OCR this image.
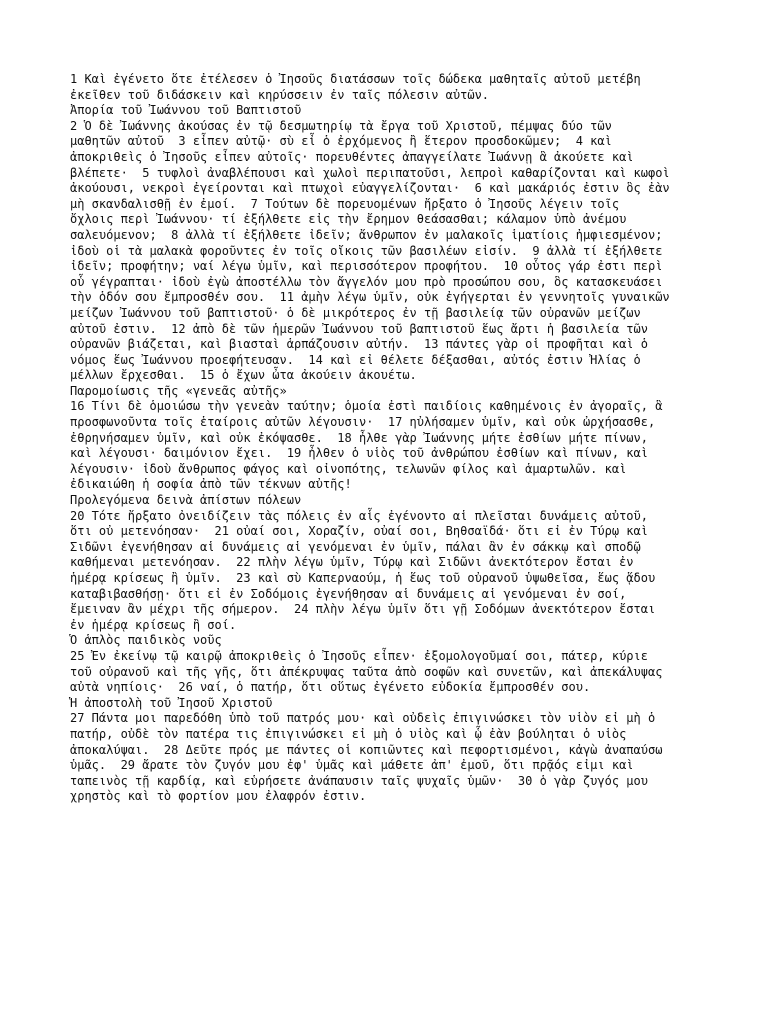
1 Καὶ ἐγένετο ὅτε ἐτέλεσεν ὁ Ἰησοῦς διατάσσων τοῖς δώδεκα μαθηταῖς αὐτοῦ μετέβη
ἐκεῖθεν τοῦ διδάσκειν καὶ κηρύσσειν ἐν ταῖς πόλεσιν αὐτῶν.
Ἀπορία τοῦ Ἰωάννου τοῦ Βαπτιστοῦ
2 Ὁ δὲ Ἰωάννης ἀκούσας ἐν τῷ δεσμωτηρίῳ τὰ ἔργα τοῦ Χριστοῦ, πέμψας δύο τῶν
μαθητῶν αὐτοῦ  3 εἶπεν αὐτῷ· σὺ εἶ ὁ ἐρχόμενος ἢ ἕτερον προσδοκῶμεν;  4 καὶ
ἀποκριθεὶς ὁ Ἰησοῦς εἶπεν αὐτοῖς· πορευθέντες ἀπαγγείλατε Ἰωάννῃ ἃ ἀκούετε καὶ
βλέπετε·  5 τυφλοὶ ἀναβλέπουσι καὶ χωλοὶ περιπατοῦσι, λεπροὶ καθαρίζονται καὶ κωφοὶ
ἀκούουσι, νεκροὶ ἐγείρονται καὶ πτωχοὶ εὐαγγελίζονται·  6 καὶ μακάριός ἐστιν ὃς ἐὰν
μὴ σκανδαλισθῇ ἐν ἐμοί.  7 Τούτων δὲ πορευομένων ἤρξατο ὁ Ἰησοῦς λέγειν τοῖς
ὄχλοις περὶ Ἰωάννου· τί ἐξήλθετε εἰς τὴν ἔρημον θεάσασθαι; κάλαμον ὑπὸ ἀνέμου
σαλευόμενον;  8 ἀλλὰ τί ἐξήλθετε ἰδεῖν; ἄνθρωπον ἐν μαλακοῖς ἱματίοις ἠμφιεσμένον;
ἰδοὺ οἱ τὰ μαλακὰ φοροῦντες ἐν τοῖς οἴκοις τῶν βασιλέων εἰσίν.  9 ἀλλὰ τί ἐξήλθετε
ἰδεῖν; προφήτην; ναί λέγω ὑμῖν, καὶ περισσότερον προφήτου.  10 οὗτος γάρ ἐστι περὶ
οὗ γέγραπται· ἰδοὺ ἐγὼ ἀποστέλλω τὸν ἄγγελόν μου πρὸ προσώπου σου, ὃς κατασκευάσει
τὴν ὁδόν σου ἔμπροσθέν σου.  11 ἀμὴν λέγω ὑμῖν, οὐκ ἐγήγερται ἐν γεννητοῖς γυναικῶν
μείζων Ἰωάννου τοῦ βαπτιστοῦ· ὁ δὲ μικρότερος ἐν τῇ βασιλείᾳ τῶν οὐρανῶν μείζων
αὐτοῦ ἐστιν.  12 ἀπὸ δὲ τῶν ἡμερῶν Ἰωάννου τοῦ βαπτιστοῦ ἕως ἄρτι ἡ βασιλεία τῶν
οὐρανῶν βιάζεται, καὶ βιασταὶ ἁρπάζουσιν αὐτήν.  13 πάντες γὰρ οἱ προφῆται καὶ ὁ
νόμος ἕως Ἰωάννου προεφήτευσαν.  14 καὶ εἰ θέλετε δέξασθαι, αὐτός ἐστιν Ἠλίας ὁ
μέλλων ἔρχεσθαι.  15 ὁ ἔχων ὦτα ἀκούειν ἀκουέτω.
Παρομοίωσις τῆς «γενεᾶς αὐτῆς»
16 Τίνι δὲ ὁμοιώσω τὴν γενεὰν ταύτην; ὁμοία ἐστὶ παιδίοις καθημένοις ἐν ἀγοραῖς, ἃ
προσφωνοῦντα τοῖς ἑταίροις αὐτῶν λέγουσιν·  17 ηὐλήσαμεν ὑμῖν, καὶ οὐκ ὠρχήσασθε,
ἐθρηνήσαμεν ὑμῖν, καὶ οὐκ ἐκόψασθε.  18 ἦλθε γὰρ Ἰωάννης μήτε ἐσθίων μήτε πίνων,
καὶ λέγουσι· δαιμόνιον ἔχει.  19 ἦλθεν ὁ υἱὸς τοῦ ἀνθρώπου ἐσθίων καὶ πίνων, καὶ
λέγουσιν· ἰδοὺ ἄνθρωπος φάγος καὶ οἰνοπότης, τελωνῶν φίλος καὶ ἁμαρτωλῶν. καὶ
ἐδικαιώθη ἡ σοφία ἀπὸ τῶν τέκνων αὐτῆς!
Προλεγόμενα δεινὰ ἀπίστων πόλεων
20 Τότε ἤρξατο ὀνειδίζειν τὰς πόλεις ἐν αἷς ἐγένοντο αἱ πλεῖσται δυνάμεις αὐτοῦ,
ὅτι οὐ μετενόησαν·  21 οὐαί σοι, Χοραζίν, οὐαί σοι, Βηθσαϊδά· ὅτι εἰ ἐν Τύρῳ καὶ
Σιδῶνι ἐγενήθησαν αἱ δυνάμεις αἱ γενόμεναι ἐν ὑμῖν, πάλαι ἂν ἐν σάκκῳ καὶ σποδῷ
καθήμεναι μετενόησαν.  22 πλὴν λέγω ὑμῖν, Τύρῳ καὶ Σιδῶνι ἀνεκτότερον ἔσται ἐν
ἡμέρᾳ κρίσεως ἢ ὑμῖν.  23 καὶ σὺ Καπερναούμ, ἡ ἕως τοῦ οὐρανοῦ ὑψωθεῖσα, ἕως ᾅδου
καταβιβασθήσῃ· ὅτι εἰ ἐν Σοδόμοις ἐγενήθησαν αἱ δυνάμεις αἱ γενόμεναι ἐν σοί,
ἔμειναν ἂν μέχρι τῆς σήμερον.  24 πλὴν λέγω ὑμῖν ὅτι γῇ Σοδόμων ἀνεκτότερον ἔσται
ἐν ἡμέρᾳ κρίσεως ἢ σοί.
Ὁ ἁπλὸς παιδικὸς νοῦς
25 Ἐν ἐκείνῳ τῷ καιρῷ ἀποκριθεὶς ὁ Ἰησοῦς εἶπεν· ἐξομολογοῦμαί σοι, πάτερ, κύριε
τοῦ οὐρανοῦ καὶ τῆς γῆς, ὅτι ἀπέκρυψας ταῦτα ἀπὸ σοφῶν καὶ συνετῶν, καὶ ἀπεκάλυψας
αὐτὰ νηπίοις·  26 ναί, ὁ πατήρ, ὅτι οὕτως ἐγένετο εὐδοκία ἔμπροσθέν σου.
Ἡ ἀποστολὴ τοῦ Ἰησοῦ Χριστοῦ
27 Πάντα μοι παρεδόθη ὑπὸ τοῦ πατρός μου· καὶ οὐδεὶς ἐπιγινώσκει τὸν υἱὸν εἰ μὴ ὁ
πατήρ, οὐδὲ τὸν πατέρα τις ἐπιγινώσκει εἰ μὴ ὁ υἱὸς καὶ ᾧ ἐὰν βούληται ὁ υἱὸς
ἀποκαλύψαι.  28 Δεῦτε πρός με πάντες οἱ κοπιῶντες καὶ πεφορτισμένοι, κἀγὼ ἀναπαύσω
ὑμᾶς.  29 ἄρατε τὸν ζυγόν μου ἐφ' ὑμᾶς καὶ μάθετε ἀπ' ἐμοῦ, ὅτι πρᾷός εἰμι καὶ
ταπεινὸς τῇ καρδίᾳ, καὶ εὑρήσετε ἀνάπαυσιν ταῖς ψυχαῖς ὑμῶν·  30 ὁ γὰρ ζυγός μου
χρηστὸς καὶ τὸ φορτίον μου ἐλαφρόν ἐστιν.
